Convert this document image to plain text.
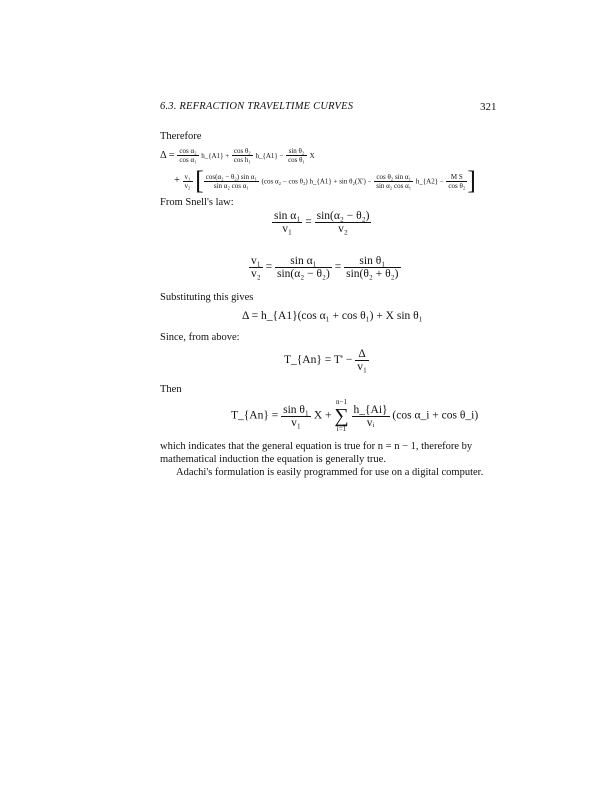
6.3. REFRACTION TRAVELTIME CURVES	321
Therefore
$\Delta = \frac{\text{cos α₂}}{\text{cos α₁}}$ h_{A1} + $\frac{\text{cos θ₂}}{\text{cos h₁}}$ h_{A1} − $\frac{\text{sin θ₂}}{\text{cos θ₁}}$ X
+ $\frac{\text{v₁}}{\text{v₂}}$ [ $\frac{\text{cos(α₂ − θ₂) sin α₁}}{\text{sin α₂ cos α₁}} (\cos$ α₂ − cos θ₂) h_{A1} + $\sin \theta_2(X') - \frac{\text{cos θ₂ sin α₁}}{\text{sin α₂ cos α₁}}$ h_{A2} − $\frac{\text{M S}}{\text{cos θ₂}}$ ]
From Snell's law:
$\frac{\text{sin α₁}}{\text{v₁}} = \frac{\text{sin(α₂ − θ₂)}}{\text{v₂}}$
$\frac{\text{v₁}}{\text{v₂}} = \frac{\text{sin α₁}}{\text{sin(α₂ − θ₂)}} = \frac{\text{sin θ₁}}{\text{sin(θ₂ + θ₂)}}$
Substituting this gives
Δ = h_{A1}(cos α₁ + cos θ₁) + X sin θ₁
Since, from above:
T_{An} = $T' - \frac{\Delta}{\text{v₁}}$
Then
T_{An} = $\frac{\text{sin θ₁}}{\text{v₁}}$ X +
n−1
∑
i=1

$\frac{h\_\{Ai\}}{\text{vᵢ}} (\cos$ α_i + cos θ_i)
which indicates that the general equation is true for n = n − 1, therefore by
mathematical induction the equation is generally true.
Adachi's formulation is easily programmed for use on a digital computer.
